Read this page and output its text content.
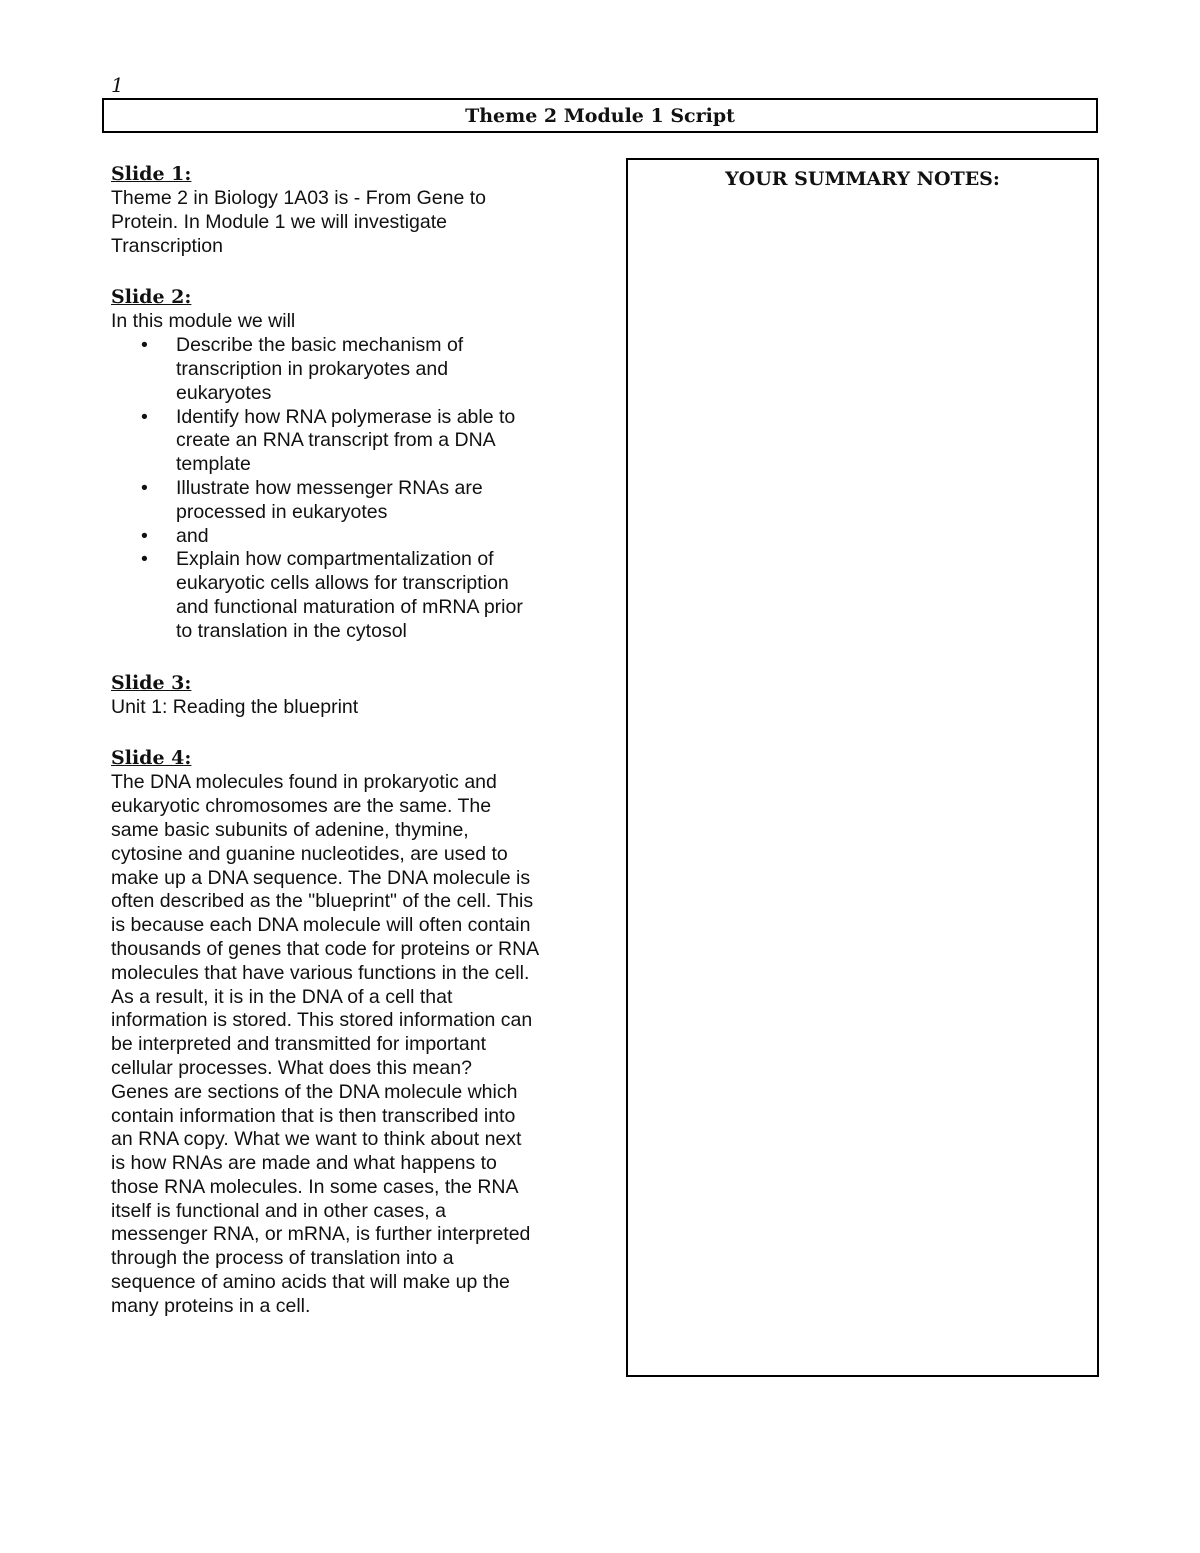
1
Theme 2 Module 1 Script
Slide 1:
Theme 2 in Biology 1A03 is - From Gene to
Protein. In Module 1 we will investigate
Transcription
Slide 2:
In this module we will
• Describe the basic mechanism of
transcription in prokaryotes and
eukaryotes
• Identify how RNA polymerase is able to
create an RNA transcript from a DNA
template
• Illustrate how messenger RNAs are
processed in eukaryotes
• and
• Explain how compartmentalization of
eukaryotic cells allows for transcription
and functional maturation of mRNA prior
to translation in the cytosol
Slide 3:
Unit 1: Reading the blueprint
Slide 4:
The DNA molecules found in prokaryotic and
eukaryotic chromosomes are the same. The
same basic subunits of adenine, thymine,
cytosine and guanine nucleotides, are used to
make up a DNA sequence. The DNA molecule is
often described as the "blueprint" of the cell. This
is because each DNA molecule will often contain
thousands of genes that code for proteins or RNA
molecules that have various functions in the cell.
As a result, it is in the DNA of a cell that
information is stored. This stored information can
be interpreted and transmitted for important
cellular processes. What does this mean?
Genes are sections of the DNA molecule which
contain information that is then transcribed into
an RNA copy. What we want to think about next
is how RNAs are made and what happens to
those RNA molecules. In some cases, the RNA
itself is functional and in other cases, a
messenger RNA, or mRNA, is further interpreted
through the process of translation into a
sequence of amino acids that will make up the
many proteins in a cell.
YOUR SUMMARY NOTES:
